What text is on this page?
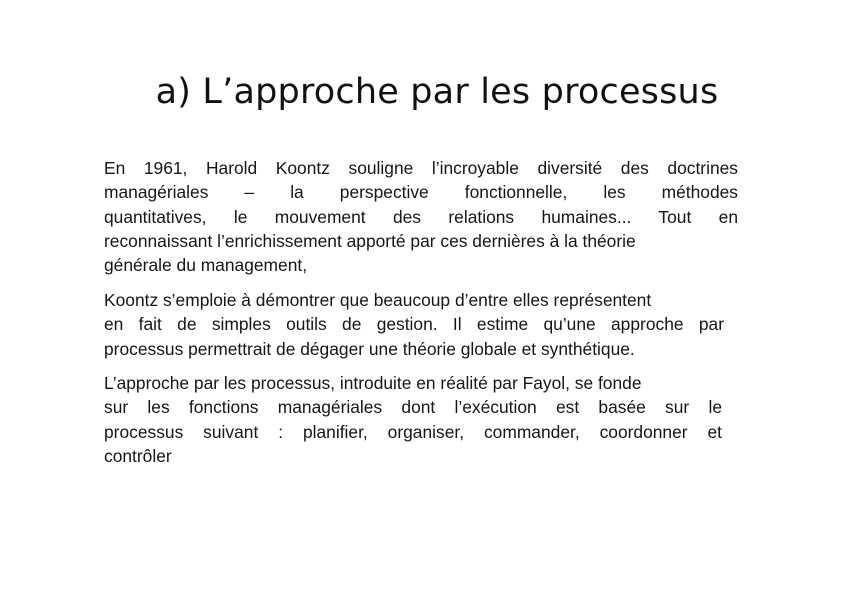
a) L’approche par les processus

En 1961, Harold Koontz souligne l’incroyable diversité des doctrines
managériales – la perspective fonctionnelle, les méthodes
quantitatives, le mouvement des relations humaines... Tout en
reconnaissant l’enrichissement apporté par ces dernières à la théorie
générale du management,

Koontz s’emploie à démontrer que beaucoup d’entre elles représentent
en fait de simples outils de gestion. Il estime qu’une approche par
processus permettrait de dégager une théorie globale et synthétique.

L’approche par les processus, introduite en réalité par Fayol, se fonde
sur les fonctions managériales dont l’exécution est basée sur le
processus suivant : planifier, organiser, commander, coordonner et
contrôler
